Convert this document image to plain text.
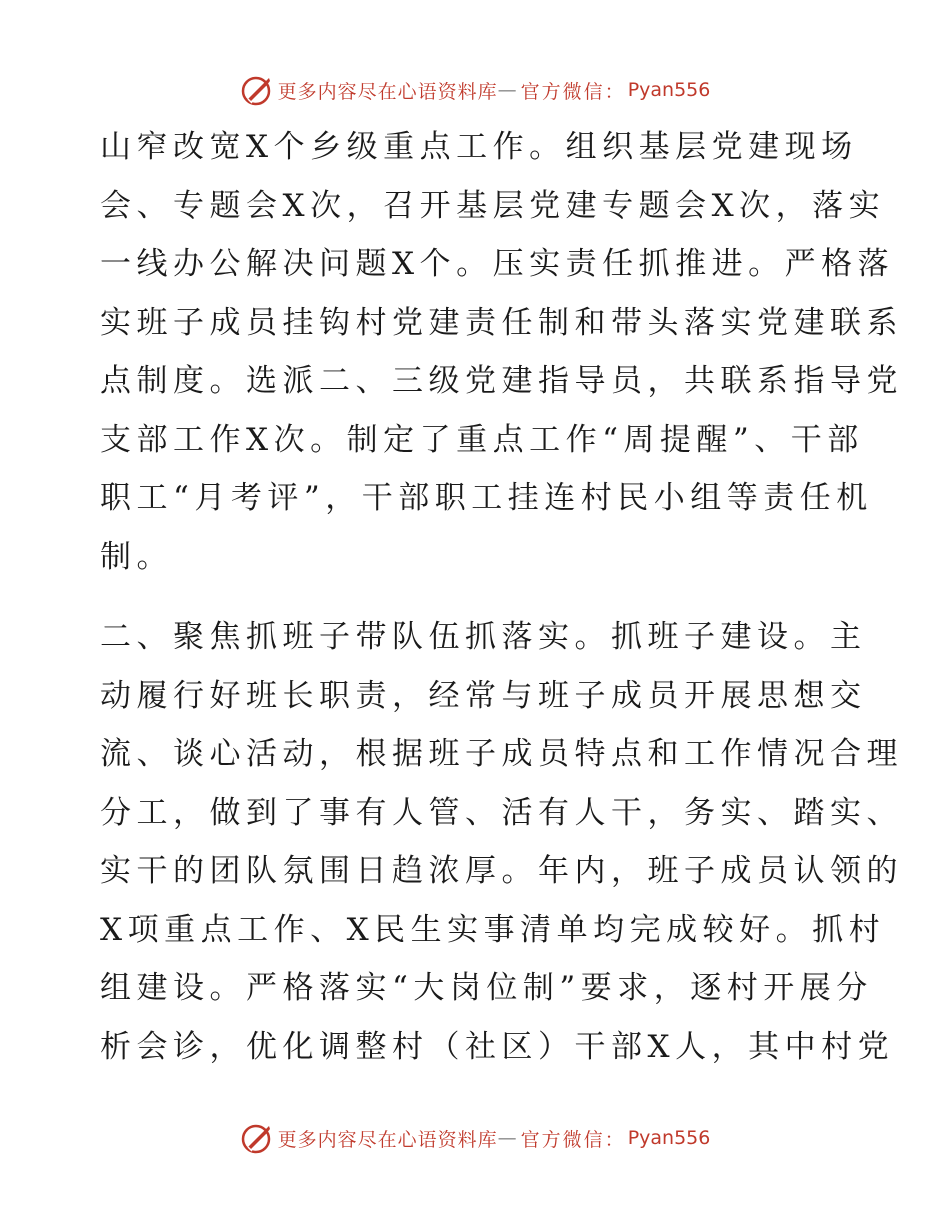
更多内容尽在心语资料库 — 官方微信： Pyan556

山窄改宽X个乡级重点工作。组织基层党建现场
会、专题会X次，召开基层党建专题会X次，落实
一线办公解决问题X个。压实责任抓推进。严格落
实班子成员挂钩村党建责任制和带头落实党建联系
点制度。选派二、三级党建指导员，共联系指导党
支部工作X次。制定了重点工作“周提醒”、干部
职工“月考评”，干部职工挂连村民小组等责任机
制。

二、聚焦抓班子带队伍抓落实。抓班子建设。主
动履行好班长职责，经常与班子成员开展思想交
流、谈心活动，根据班子成员特点和工作情况合理
分工，做到了事有人管、活有人干，务实、踏实、
实干的团队氛围日趋浓厚。年内，班子成员认领的
X项重点工作、X民生实事清单均完成较好。抓村
组建设。严格落实“大岗位制”要求，逐村开展分
析会诊，优化调整村（社区）干部X人，其中村党

更多内容尽在心语资料库 — 官方微信： Pyan556
